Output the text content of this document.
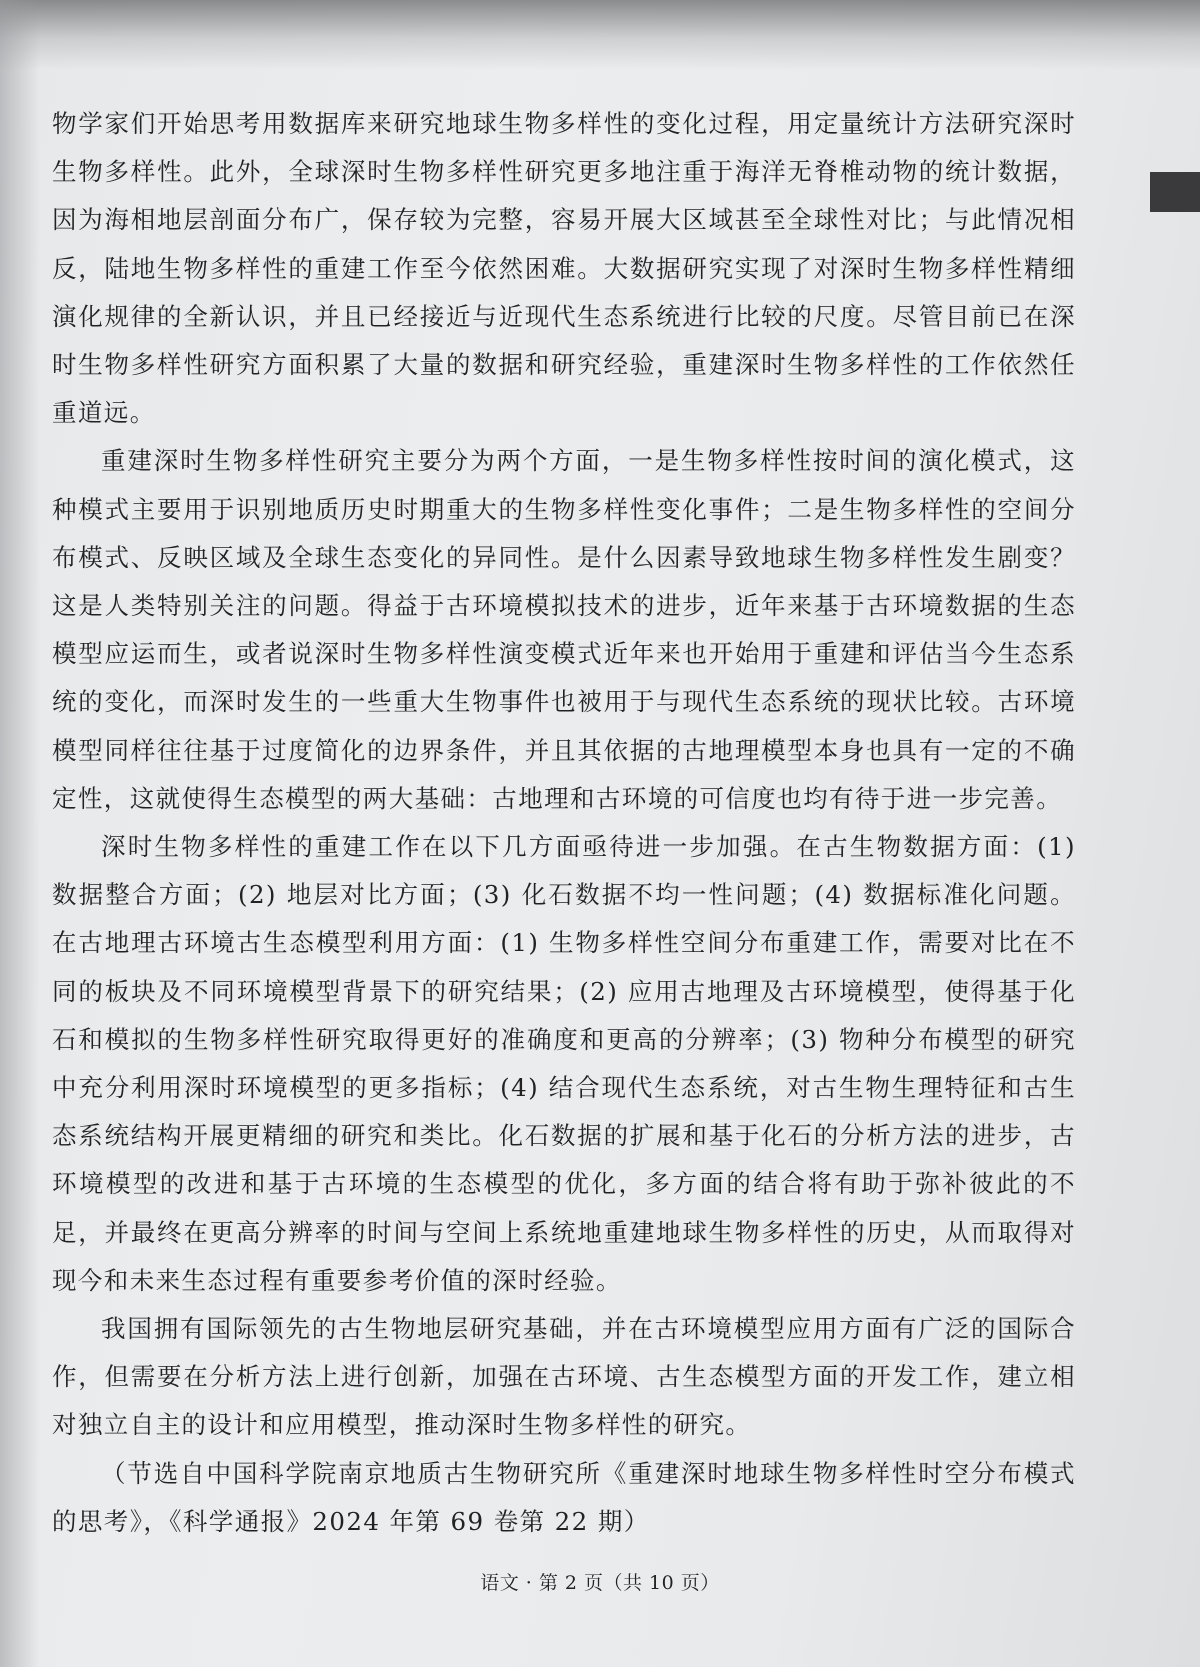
物学家们开始思考用数据库来研究地球生物多样性的变化过程，用定量统计方法研究深时生物多样性。此外，全球深时生物多样性研究更多地注重于海洋无脊椎动物的统计数据，因为海相地层剖面分布广，保存较为完整，容易开展大区域甚至全球性对比；与此情况相反，陆地生物多样性的重建工作至今依然困难。大数据研究实现了对深时生物多样性精细演化规律的全新认识，并且已经接近与近现代生态系统进行比较的尺度。尽管目前已在深时生物多样性研究方面积累了大量的数据和研究经验，重建深时生物多样性的工作依然任重道远。

重建深时生物多样性研究主要分为两个方面，一是生物多样性按时间的演化模式，这种模式主要用于识别地质历史时期重大的生物多样性变化事件；二是生物多样性的空间分布模式、反映区域及全球生态变化的异同性。是什么因素导致地球生物多样性发生剧变？这是人类特别关注的问题。得益于古环境模拟技术的进步，近年来基于古环境数据的生态模型应运而生，或者说深时生物多样性演变模式近年来也开始用于重建和评估当今生态系统的变化，而深时发生的一些重大生物事件也被用于与现代生态系统的现状比较。古环境模型同样往往基于过度简化的边界条件，并且其依据的古地理模型本身也具有一定的不确定性，这就使得生态模型的两大基础：古地理和古环境的可信度也均有待于进一步完善。

深时生物多样性的重建工作在以下几方面亟待进一步加强。在古生物数据方面：(1) 数据整合方面；(2) 地层对比方面；(3) 化石数据不均一性问题；(4) 数据标准化问题。在古地理古环境古生态模型利用方面：(1) 生物多样性空间分布重建工作，需要对比在不同的板块及不同环境模型背景下的研究结果；(2) 应用古地理及古环境模型，使得基于化石和模拟的生物多样性研究取得更好的准确度和更高的分辨率；(3) 物种分布模型的研究中充分利用深时环境模型的更多指标；(4) 结合现代生态系统，对古生物生理特征和古生态系统结构开展更精细的研究和类比。化石数据的扩展和基于化石的分析方法的进步，古环境模型的改进和基于古环境的生态模型的优化，多方面的结合将有助于弥补彼此的不足，并最终在更高分辨率的时间与空间上系统地重建地球生物多样性的历史，从而取得对现今和未来生态过程有重要参考价值的深时经验。

我国拥有国际领先的古生物地层研究基础，并在古环境模型应用方面有广泛的国际合作，但需要在分析方法上进行创新，加强在古环境、古生态模型方面的开发工作，建立相对独立自主的设计和应用模型，推动深时生物多样性的研究。

（节选自中国科学院南京地质古生物研究所《重建深时地球生物多样性时空分布模式的思考》，《科学通报》2024 年第 69 卷第 22 期）

语文 · 第 2 页（共 10 页）
